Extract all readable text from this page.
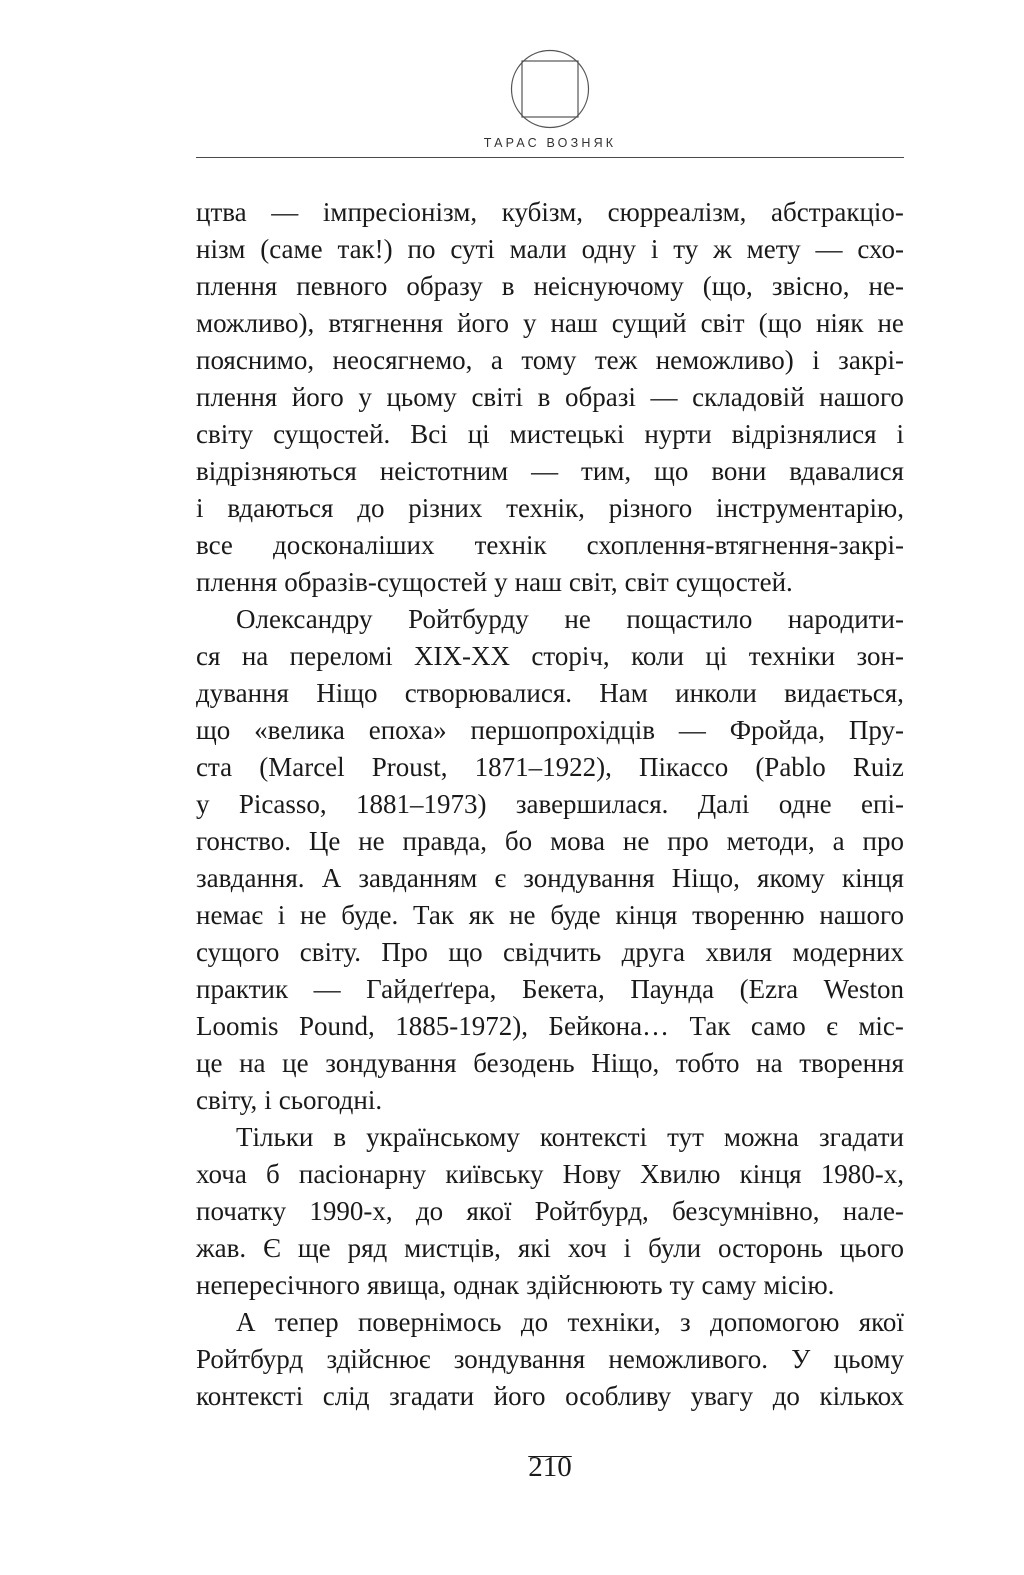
ТАРАС ВОЗНЯК
цтва — імпресіонізм, кубізм, сюрреалізм, абстракціо-
нізм (саме так!) по суті мали одну і ту ж мету — схо-
плення певного образу в неіснуючому (що, звісно, не-
можливо), втягнення його у наш сущий світ (що ніяк не
пояснимо, неосягнемо, а тому теж неможливо) і закрі-
плення його у цьому світі в образі — складовій нашого
світу сущостей. Всі ці мистецькі нурти відрізнялися і
відрізняються неістотним — тим, що вони вдавалися
і вдаються до різних технік, різного інструментарію,
все досконаліших технік схоплення-втягнення-закрі-
плення образів-сущостей у наш світ, світ сущостей.
Олександру Ройтбурду не пощастило народити-
ся на переломі XIX-XX сторіч, коли ці техніки зон-
дування Ніщо створювалися. Нам инколи видається,
що «велика епоха» першопрохідців — Фройда, Пру-
ста (Marcel Proust, 1871–1922), Пікассо (Pablo Ruiz
y Picasso, 1881–1973) завершилася. Далі одне епі-
гонство. Це не правда, бо мова не про методи, а про
завдання. А завданням є зондування Ніщо, якому кінця
немає і не буде. Так як не буде кінця творенню нашого
сущого світу. Про що свідчить друга хвиля модерних
практик — Гайдеґґера, Бекета, Паунда (Ezra Weston
Loomis Pound, 1885-1972), Бейкона… Так само є міс-
це на це зондування безодень Ніщо, тобто на творення
світу, і сьогодні.
Тільки в українському контексті тут можна згадати
хоча б пасіонарну київську Нову Хвилю кінця 1980-х,
початку 1990-х, до якої Ройтбурд, безсумнівно, нале-
жав. Є ще ряд мистців, які хоч і були осторонь цього
непересічного явища, однак здійснюють ту саму місію.
А тепер повернімось до техніки, з допомогою якої
Ройтбурд здійснює зондування неможливого. У цьому
контексті слід згадати його особливу увагу до кількох
210
